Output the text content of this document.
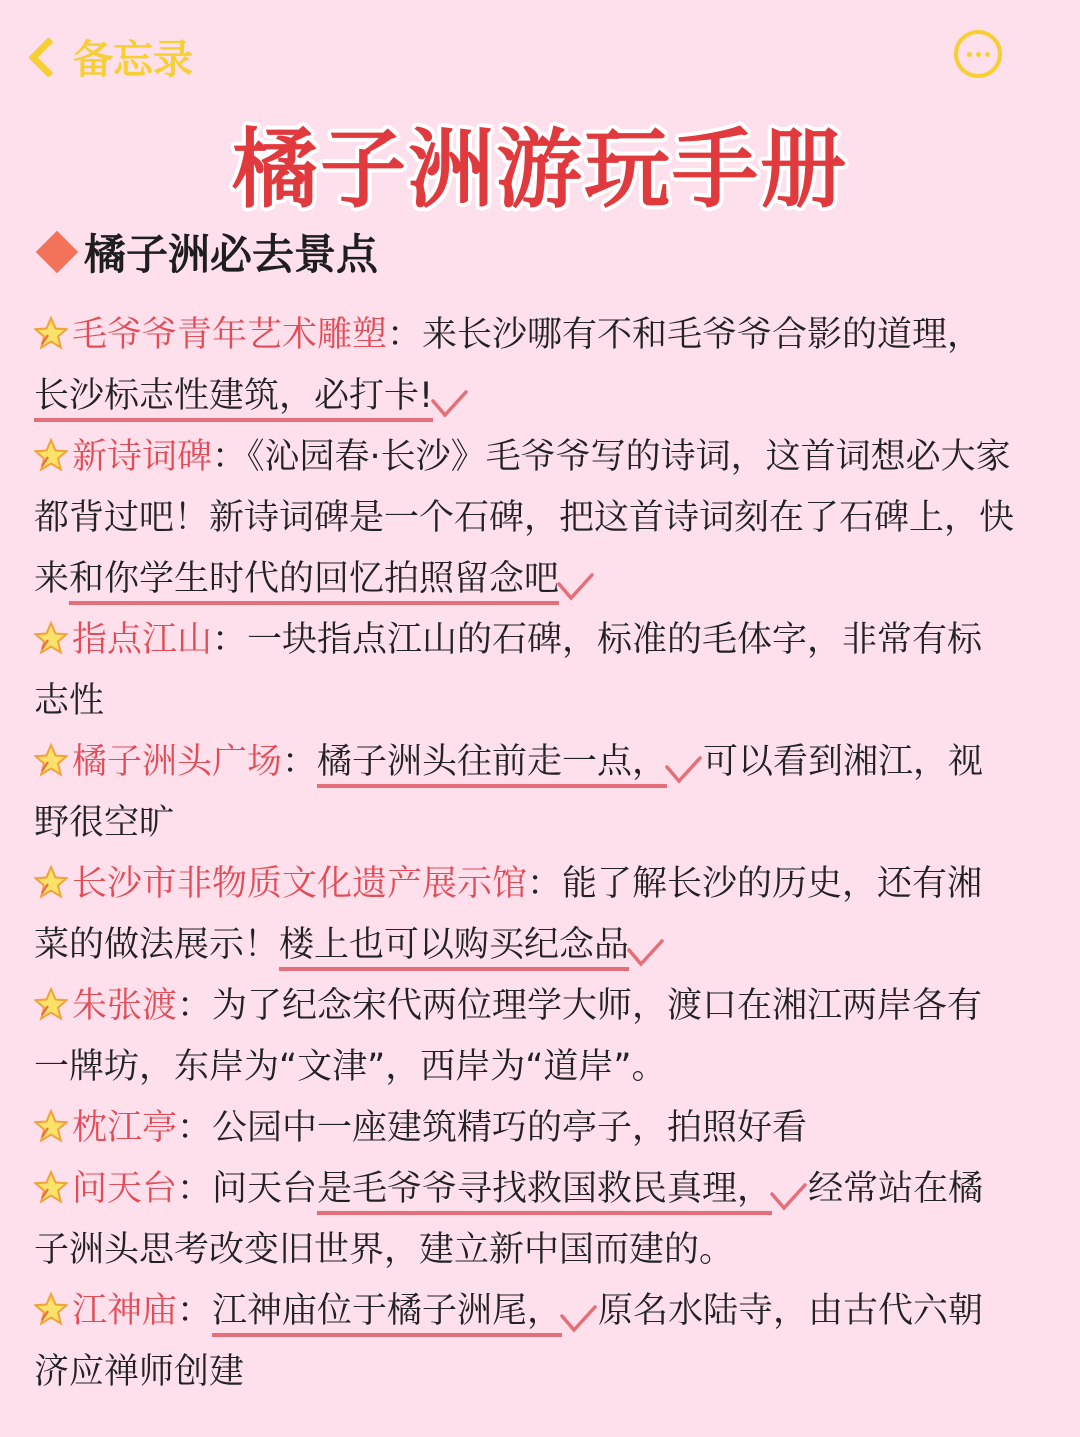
备忘录
橘子洲游玩手册
橘子洲必去景点
毛爷爷青年艺术雕塑：来长沙哪有不和毛爷爷合影的道理，长沙标志性建筑，必打卡!
新诗词碑：《沁园春·长沙》毛爷爷写的诗词，这首词想必大家都背过吧！新诗词碑是一个石碑，把这首诗词刻在了石碑上，快来和你学生时代的回忆拍照留念吧
指点江山：一块指点江山的石碑，标准的毛体字，非常有标志性
橘子洲头广场：橘子洲头往前走一点， 可以看到湘江，视野很空旷
长沙市非物质文化遗产展示馆：能了解长沙的历史，还有湘菜的做法展示！楼上也可以购买纪念品
朱张渡：为了纪念宋代两位理学大师，渡口在湘江两岸各有一牌坊，东岸为“文津”，西岸为“道岸”。
枕江亭：公园中一座建筑精巧的亭子，拍照好看
问天台：问天台是毛爷爷寻找救国救民真理， 经常站在橘子洲头思考改变旧世界，建立新中国而建的。
江神庙：江神庙位于橘子洲尾， 原名水陆寺，由古代六朝济应禅师创建
